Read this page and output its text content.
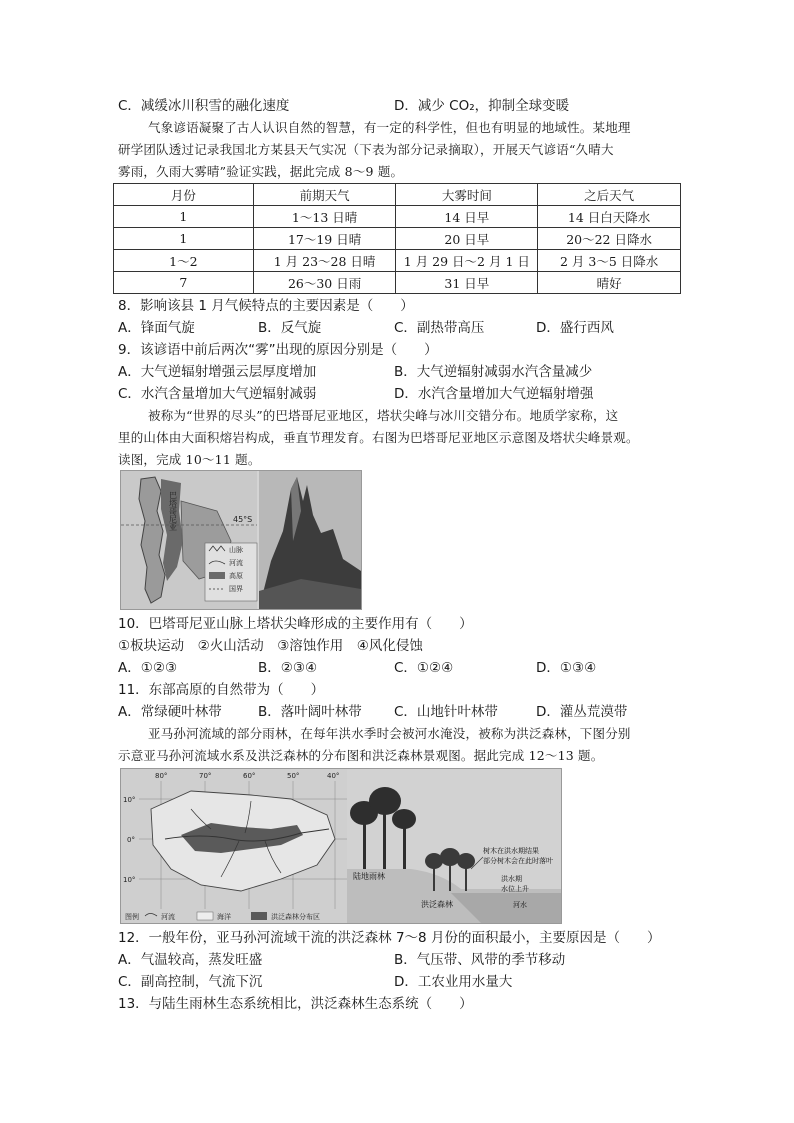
C．减缓冰川积雪的融化速度	D．减少 CO₂，抑制全球变暖
气象谚语凝聚了古人认识自然的智慧，有一定的科学性，但也有明显的地域性。某地理
研学团队透过记录我国北方某县天气实况（下表为部分记录摘取），开展天气谚语“久晴大
雾雨，久雨大雾晴”验证实践，据此完成 8～9 题。
月份	前期天气	大雾时间	之后天气
1	1～13 日晴	14 日早	14 日白天降水
1	17～19 日晴	20 日早	20～22 日降水
1～2	1 月 23～28 日晴	1 月 29 日～2 月 1 日	2 月 3～5 日降水
7	26～30 日雨	31 日早	晴好
8．影响该县 1 月气候特点的主要因素是（　　）
A．锋面气旋	B．反气旋	C．副热带高压	D．盛行西风
9．该谚语中前后两次“雾”出现的原因分别是（　　）
A．大气逆辐射增强云层厚度增加	B．大气逆辐射减弱水汽含量减少
C．水汽含量增加大气逆辐射减弱	D．水汽含量增加大气逆辐射增强
被称为“世界的尽头”的巴塔哥尼亚地区，塔状尖峰与冰川交错分布。地质学家称，这
里的山体由大面积熔岩构成，垂直节理发育。右图为巴塔哥尼亚地区示意图及塔状尖峰景观。
读图，完成 10～11 题。
45°S
巴塔哥尼亚
山脉
河流
高原
国界
10．巴塔哥尼亚山脉上塔状尖峰形成的主要作用有（　　）
①板块运动　②火山活动　③溶蚀作用　④风化侵蚀
A．①②③	B．②③④	C．①②④	D．①③④
11．东部高原的自然带为（　　）
A．常绿硬叶林带	B．落叶阔叶林带 C．山地针叶林带	D．灌丛荒漠带
亚马孙河流域的部分雨林，在每年洪水季时会被河水淹没，被称为洪泛森林，下图分别
示意亚马孙河流域水系及洪泛森林的分布图和洪泛森林景观图。据此完成 12～13 题。
80°	70°	60°	50°	40°
10°
0°
10°
图例	河流	海洋	洪泛森林分布区
陆地雨林
洪泛森林
树木在洪水期结果
部分树木会在此时落叶
洪水期
水位上升
河水
12．一般年份，亚马孙河流域干流的洪泛森林 7～8 月份的面积最小，主要原因是（　　）
A．气温较高，蒸发旺盛	B．气压带、风带的季节移动
C．副高控制，气流下沉	D．工农业用水量大
13．与陆生雨林生态系统相比，洪泛森林生态系统（　　）
